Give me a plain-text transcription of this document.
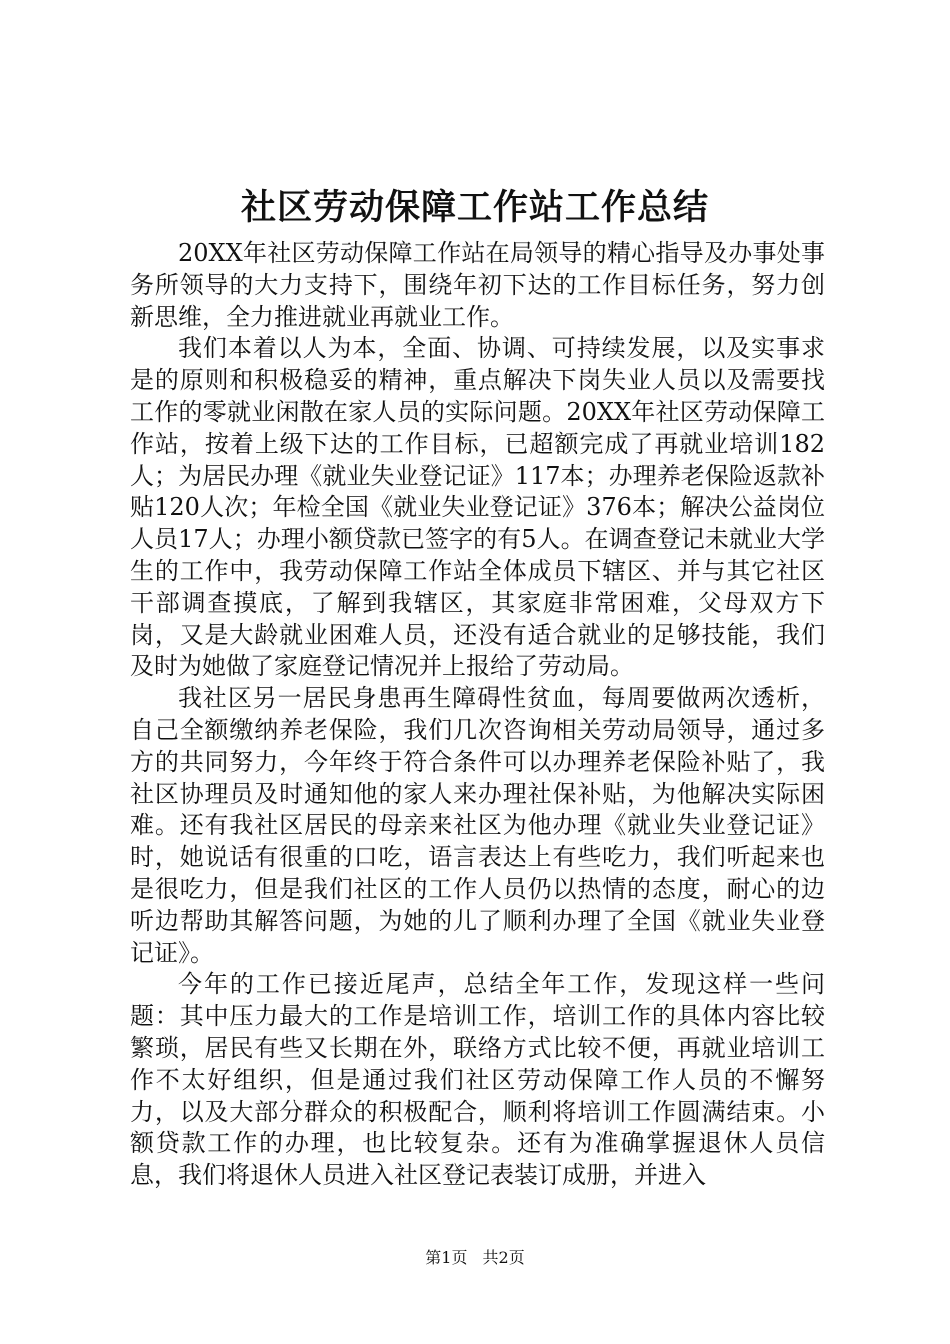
社区劳动保障工作站工作总结

20XX年社区劳动保障工作站在局领导的精心指导及办事处事务所领导的大力支持下，围绕年初下达的工作目标任务，努力创新思维，全力推进就业再就业工作。

我们本着以人为本，全面、协调、可持续发展，以及实事求是的原则和积极稳妥的精神，重点解决下岗失业人员以及需要找工作的零就业闲散在家人员的实际问题。20XX年社区劳动保障工作站，按着上级下达的工作目标，已超额完成了再就业培训182人；为居民办理《就业失业登记证》117本；办理养老保险返款补贴120人次；年检全国《就业失业登记证》376本；解决公益岗位人员17人；办理小额贷款已签字的有5人。在调查登记未就业大学生的工作中，我劳动保障工作站全体成员下辖区、并与其它社区干部调查摸底，了解到我辖区，其家庭非常困难，父母双方下岗，又是大龄就业困难人员，还没有适合就业的足够技能，我们及时为她做了家庭登记情况并上报给了劳动局。

我社区另一居民身患再生障碍性贫血，每周要做两次透析，自己全额缴纳养老保险，我们几次咨询相关劳动局领导，通过多方的共同努力，今年终于符合条件可以办理养老保险补贴了，我社区协理员及时通知他的家人来办理社保补贴，为他解决实际困难。还有我社区居民的母亲来社区为他办理《就业失业登记证》时，她说话有很重的口吃，语言表达上有些吃力，我们听起来也是很吃力，但是我们社区的工作人员仍以热情的态度，耐心的边听边帮助其解答问题，为她的儿了顺利办理了全国《就业失业登记证》。

今年的工作已接近尾声，总结全年工作，发现这样一些问题：其中压力最大的工作是培训工作，培训工作的具体内容比较繁琐，居民有些又长期在外，联络方式比较不便，再就业培训工作不太好组织，但是通过我们社区劳动保障工作人员的不懈努力，以及大部分群众的积极配合，顺利将培训工作圆满结束。小额贷款工作的办理，也比较复杂。还有为准确掌握退休人员信息，我们将退休人员进入社区登记表装订成册，并进入

第1页 共2页
